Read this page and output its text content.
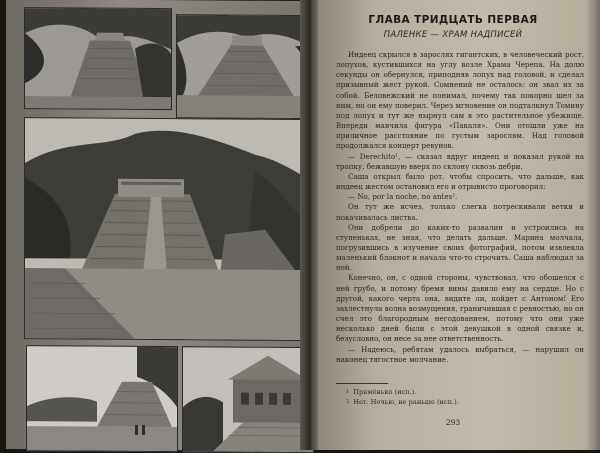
ГЛАВА ТРИДЦАТЬ ПЕРВАЯ
ПАЛЕНКЕ — ХРАМ НАДПИСЕЙ

Индеец скрылся в зарослях гигантских, в человеческий рост, лопухов, кустившихся на углу возле Храма Черепа. На долю секунды он обернулся, приподняв лопух над головой, и сделал призывный жест рукой. Сомнений не осталось: он звал их за собой. Беловежский не понимал, почему так покорно шел за ним, но он ему поверил. Через мгновение он подталкнул Томину под лопух и тут же нырнул сам в это растительное убежище. Впереди маячила фигура «Пакаля». Они отошли уже на приличное расстояние по густым зарослям. Над головой продолжался концерт ревунов.

— Derechito¹, — сказал вдруг индеец и показал рукой на тропку, бежавшую вверх по склону сквозь дебри.

Саша открыл было рот, чтобы спросить, что дальше, как индеец жестом остановил его и отрывисто проговорил:

— No, por la noche, no antes².

Он тут же исчез, только слегка потрескивали ветки и покачивалась листва.

Они добрели до каких-то развалин и устроились на ступеньках, не зная, что делать дальше. Марина молчала, погрузившись в изучение своих фотографий, потом извлекла маленький блокнот и начала что-то строчить. Саша наблюдал за ней.

Конечно, он, с одной стороны, чувствовал, что обошелся с ней грубо, и потому бремя вины давило ему на сердце. Но с другой, какого черта она, видите ли, пойдет с Антоном! Его захлестнула волна возмущения, граничившая с ревностью, но он счел это благородным негодованием, потому что они уже несколько дней были с этой девушкой в одной связке и, безусловно, он несе за нее ответственность.

— Надеюсь, ребятам удалось выбраться, — нарушил он наконец тягостное молчание.

1 Прямёнько (исп.).
2 Нет. Ночью, не раньше (исп.).
293
